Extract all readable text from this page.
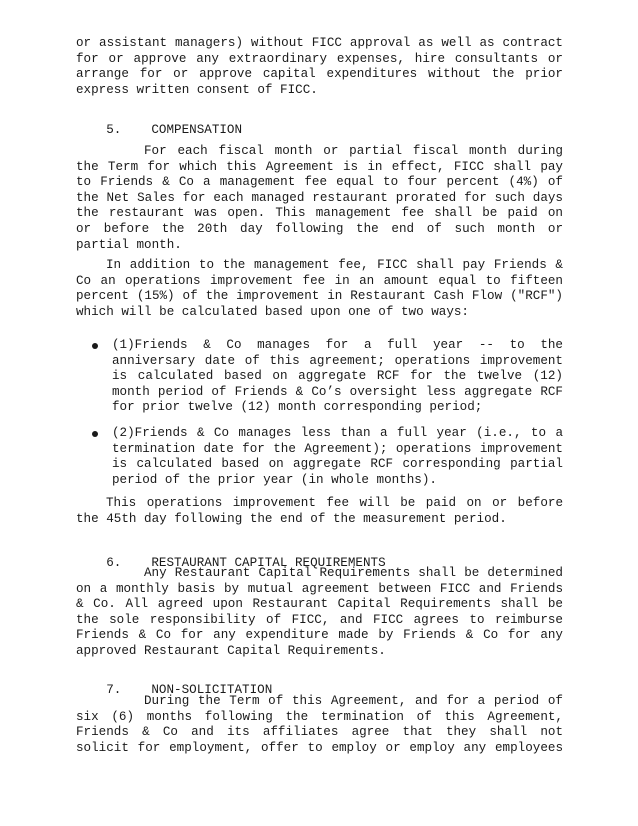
or assistant managers) without FICC approval as well as contract
for or approve any extraordinary expenses, hire consultants or
arrange for or approve capital expenditures without the prior
express written consent of FICC.

5. COMPENSATION

For each fiscal month or partial fiscal month during
the Term for which this Agreement is in effect, FICC shall pay
to Friends & Co a management fee equal to four percent (4%) of
the Net Sales for each managed restaurant prorated for such days
the restaurant was open. This management fee shall be paid on
or before the 20th day following the end of such month or
partial month.
In addition to the management fee, FICC shall pay Friends &
Co an operations improvement fee in an amount equal to fifteen
percent (15%) of the improvement in Restaurant Cash Flow ("RCF")
which will be calculated based upon one of two ways:
(1)Friends & Co manages for a full year -- to the
anniversary date of this agreement; operations improvement
is calculated based on aggregate RCF for the twelve (12)
month period of Friends & Co’s oversight less aggregate RCF
for prior twelve (12) month corresponding period;
(2)Friends & Co manages less than a full year (i.e., to a
termination date for the Agreement); operations improvement
is calculated based on aggregate RCF corresponding partial
period of the prior year (in whole months).
This operations improvement fee will be paid on or before
the 45th day following the end of the measurement period.

6. RESTAURANT CAPITAL REQUIREMENTS

Any Restaurant Capital Requirements shall be determined
on a monthly basis by mutual agreement between FICC and Friends
& Co. All agreed upon Restaurant Capital Requirements shall be
the sole responsibility of FICC, and FICC agrees to reimburse
Friends & Co for any expenditure made by Friends & Co for any
approved Restaurant Capital Requirements.

7. NON-SOLICITATION

During the Term of this Agreement, and for a period of
six (6) months following the termination of this Agreement,
Friends & Co and its affiliates agree that they shall not
solicit for employment, offer to employ or employ any employees
